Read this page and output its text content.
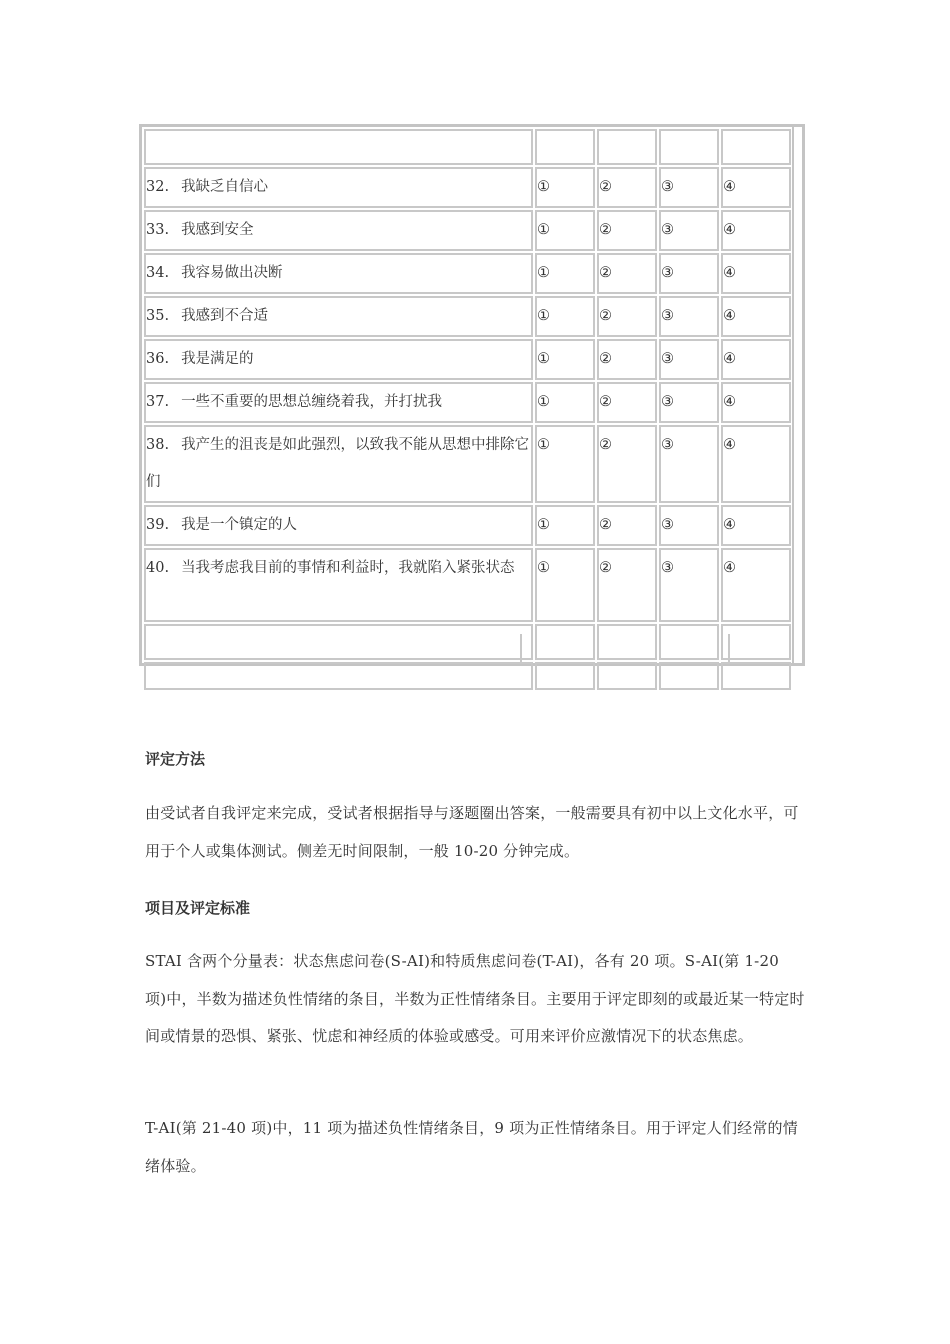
32. 我缺乏自信心	①	②	③	④
33. 我感到安全	①	②	③	④
34. 我容易做出决断	①	②	③	④
35. 我感到不合适	①	②	③	④
36. 我是满足的	①	②	③	④
37. 一些不重要的思想总缠绕着我，并打扰我	①	②	③	④
38. 我产生的沮丧是如此强烈，以致我不能从思想中排除它们	①	②	③	④
39. 我是一个镇定的人	①	②	③	④
40. 当我考虑我目前的事情和利益时，我就陷入紧张状态	①	②	③	④

评定方法

由受试者自我评定来完成，受试者根据指导与逐题圈出答案，一般需要具有初中以上文化水平，可用于个人或集体测试。侧差无时间限制，一般 10-20 分钟完成。

项目及评定标准

STAI 含两个分量表：状态焦虑问卷(S-AI)和特质焦虑问卷(T-AI)，各有 20 项。S-AI(第 1-20 项)中，半数为描述负性情绪的条目，半数为正性情绪条目。主要用于评定即刻的或最近某一特定时间或情景的恐惧、紧张、忧虑和神经质的体验或感受。可用来评价应激情况下的状态焦虑。

T-AI(第 21-40 项)中，11 项为描述负性情绪条目，9 项为正性情绪条目。用于评定人们经常的情绪体验。
